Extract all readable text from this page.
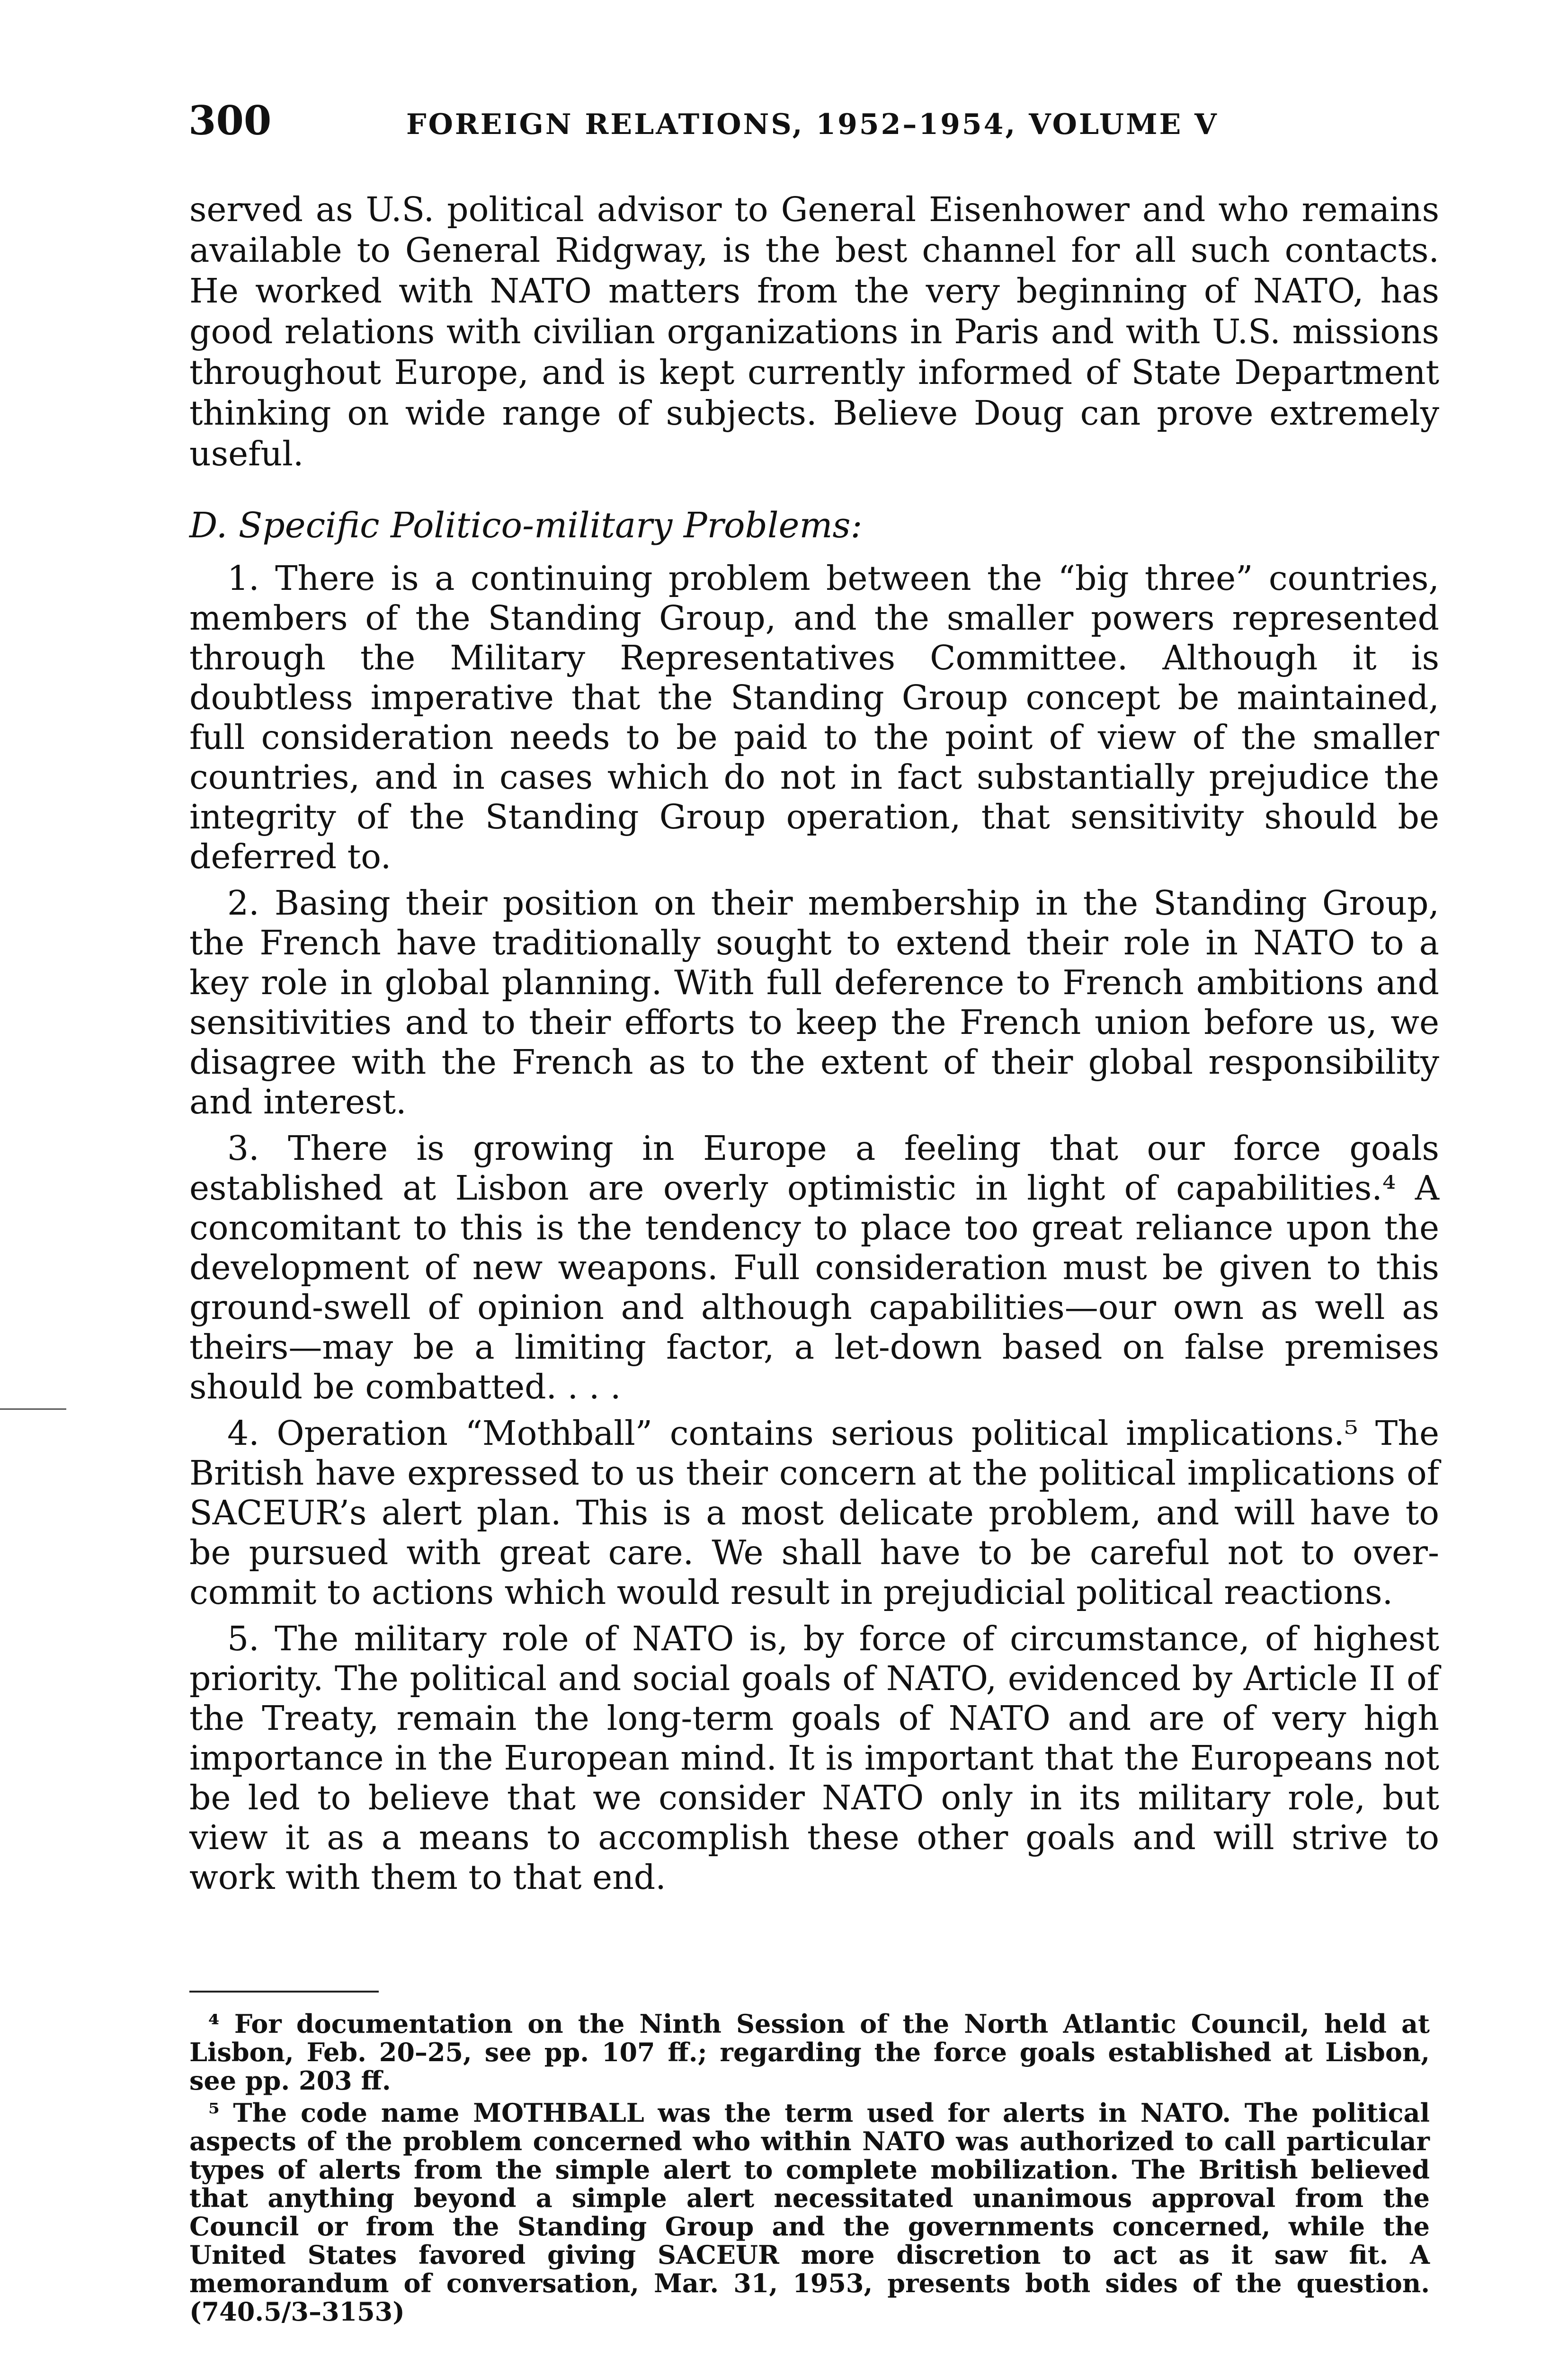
300	FOREIGN RELATIONS, 1952–1954, VOLUME V

served as U.S. political advisor to General Eisenhower and who remains available to General Ridgway, is the best channel for all such contacts. He worked with NATO matters from the very beginning of NATO, has good relations with civilian organizations in Paris and with U.S. missions throughout Europe, and is kept currently informed of State Department thinking on wide range of subjects. Believe Doug can prove extremely useful.

D. Specific Politico-military Problems:

1. There is a continuing problem between the “big three” countries, members of the Standing Group, and the smaller powers represented through the Military Representatives Committee. Although it is doubtless imperative that the Standing Group concept be maintained, full consideration needs to be paid to the point of view of the smaller countries, and in cases which do not in fact substantially prejudice the integrity of the Standing Group operation, that sensitivity should be deferred to.

2. Basing their position on their membership in the Standing Group, the French have traditionally sought to extend their role in NATO to a key role in global planning. With full deference to French ambitions and sensitivities and to their efforts to keep the French union before us, we disagree with the French as to the extent of their global responsibility and interest.

3. There is growing in Europe a feeling that our force goals established at Lisbon are overly optimistic in light of capabilities.⁴ A concomitant to this is the tendency to place too great reliance upon the development of new weapons. Full consideration must be given to this ground-swell of opinion and although capabilities—our own as well as theirs—may be a limiting factor, a let-down based on false premises should be combatted. . . .

4. Operation “Mothball” contains serious political implications.⁵ The British have expressed to us their concern at the political implications of SACEUR’s alert plan. This is a most delicate problem, and will have to be pursued with great care. We shall have to be careful not to over-commit to actions which would result in prejudicial political reactions.

5. The military role of NATO is, by force of circumstance, of highest priority. The political and social goals of NATO, evidenced by Article II of the Treaty, remain the long-term goals of NATO and are of very high importance in the European mind. It is important that the Europeans not be led to believe that we consider NATO only in its military role, but view it as a means to accomplish these other goals and will strive to work with them to that end.

⁴ For documentation on the Ninth Session of the North Atlantic Council, held at Lisbon, Feb. 20–25, see pp. 107 ff.; regarding the force goals established at Lisbon, see pp. 203 ff.

⁵ The code name MOTHBALL was the term used for alerts in NATO. The political aspects of the problem concerned who within NATO was authorized to call particular types of alerts from the simple alert to complete mobilization. The British believed that anything beyond a simple alert necessitated unanimous approval from the Council or from the Standing Group and the governments concerned, while the United States favored giving SACEUR more discretion to act as it saw fit. A memorandum of conversation, Mar. 31, 1953, presents both sides of the question. (740.5/3–3153)
